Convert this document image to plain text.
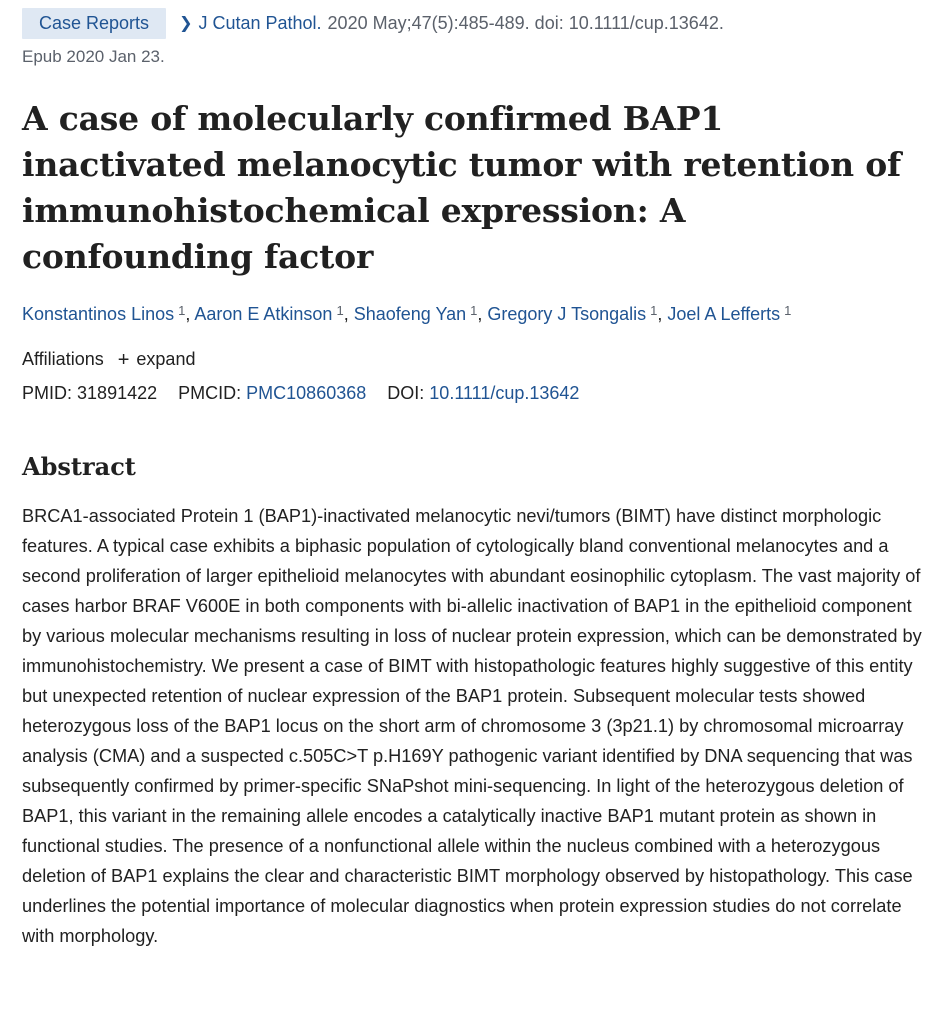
Case Reports	❯ J Cutan Pathol. 2020 May;47(5):485-489. doi: 10.1111/cup.13642.
Epub 2020 Jan 23.
A case of molecularly confirmed BAP1 inactivated melanocytic tumor with retention of immunohistochemical expression: A confounding factor
Konstantinos Linos $^1$, Aaron E Atkinson $^1$, Shaofeng Yan $^1$, Gregory J Tsongalis $^1$, Joel A Lefferts $^1$
Affiliations + expand
PMID: 31891422 PMCID: PMC10860368 DOI: 10.1111/cup.13642
Abstract

BRCA1-associated Protein 1 (BAP1)-inactivated melanocytic nevi/tumors (BIMT) have distinct morphologic features. A typical case exhibits a biphasic population of cytologically bland conventional melanocytes and a second proliferation of larger epithelioid melanocytes with abundant eosinophilic cytoplasm. The vast majority of cases harbor BRAF V600E in both components with bi-allelic inactivation of BAP1 in the epithelioid component by various molecular mechanisms resulting in loss of nuclear protein expression, which can be demonstrated by immunohistochemistry. We present a case of BIMT with histopathologic features highly suggestive of this entity but unexpected retention of nuclear expression of the BAP1 protein. Subsequent molecular tests showed heterozygous loss of the BAP1 locus on the short arm of chromosome 3 (3p21.1) by chromosomal microarray analysis (CMA) and a suspected c.505C>T p.H169Y pathogenic variant identified by DNA sequencing that was subsequently confirmed by primer-specific SNaPshot mini-sequencing. In light of the heterozygous deletion of BAP1, this variant in the remaining allele encodes a catalytically inactive BAP1 mutant protein as shown in functional studies. The presence of a nonfunctional allele within the nucleus combined with a heterozygous deletion of BAP1 explains the clear and characteristic BIMT morphology observed by histopathology. This case underlines the potential importance of molecular diagnostics when protein expression studies do not correlate with morphology.
